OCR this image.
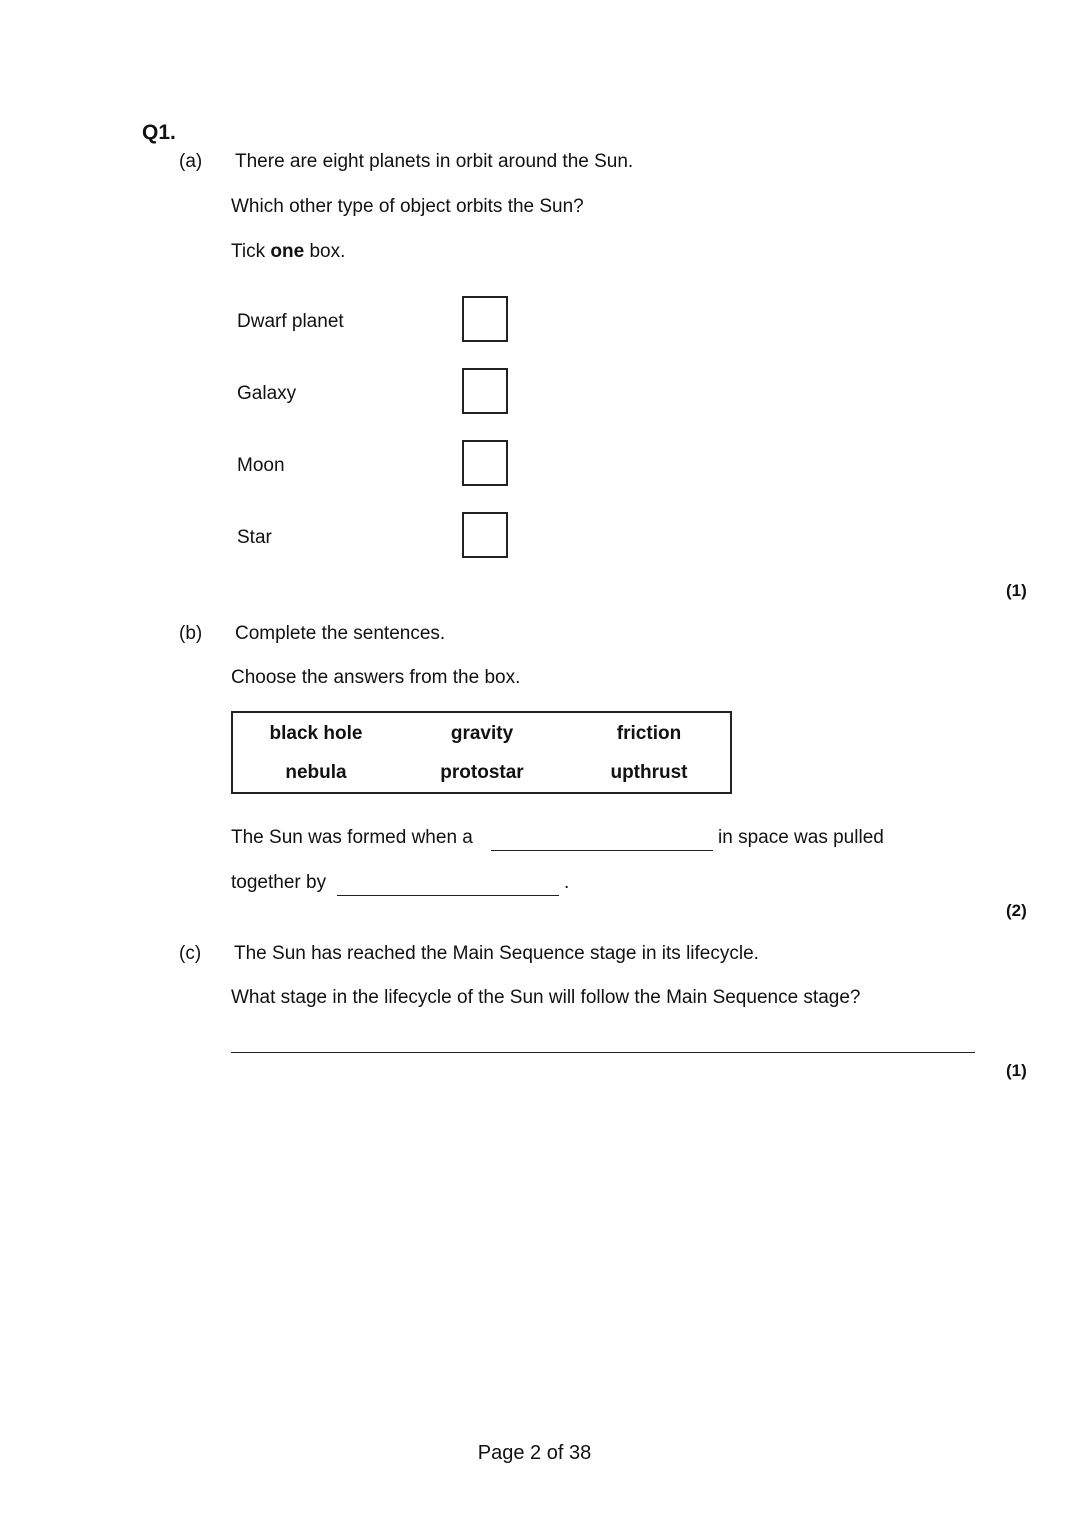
Q1.
(a) There are eight planets in orbit around the Sun.
Which other type of object orbits the Sun?
Tick one box.
Dwarf planet
Galaxy
Moon
Star
(1)
(b) Complete the sentences.
Choose the answers from the box.
black hole	gravity	friction
nebula	protostar	upthrust
The Sun was formed when a	in space was pulled
together by	.
(2)
(c) The Sun has reached the Main Sequence stage in its lifecycle.
What stage in the lifecycle of the Sun will follow the Main Sequence stage?
(1)
Page 2 of 38
